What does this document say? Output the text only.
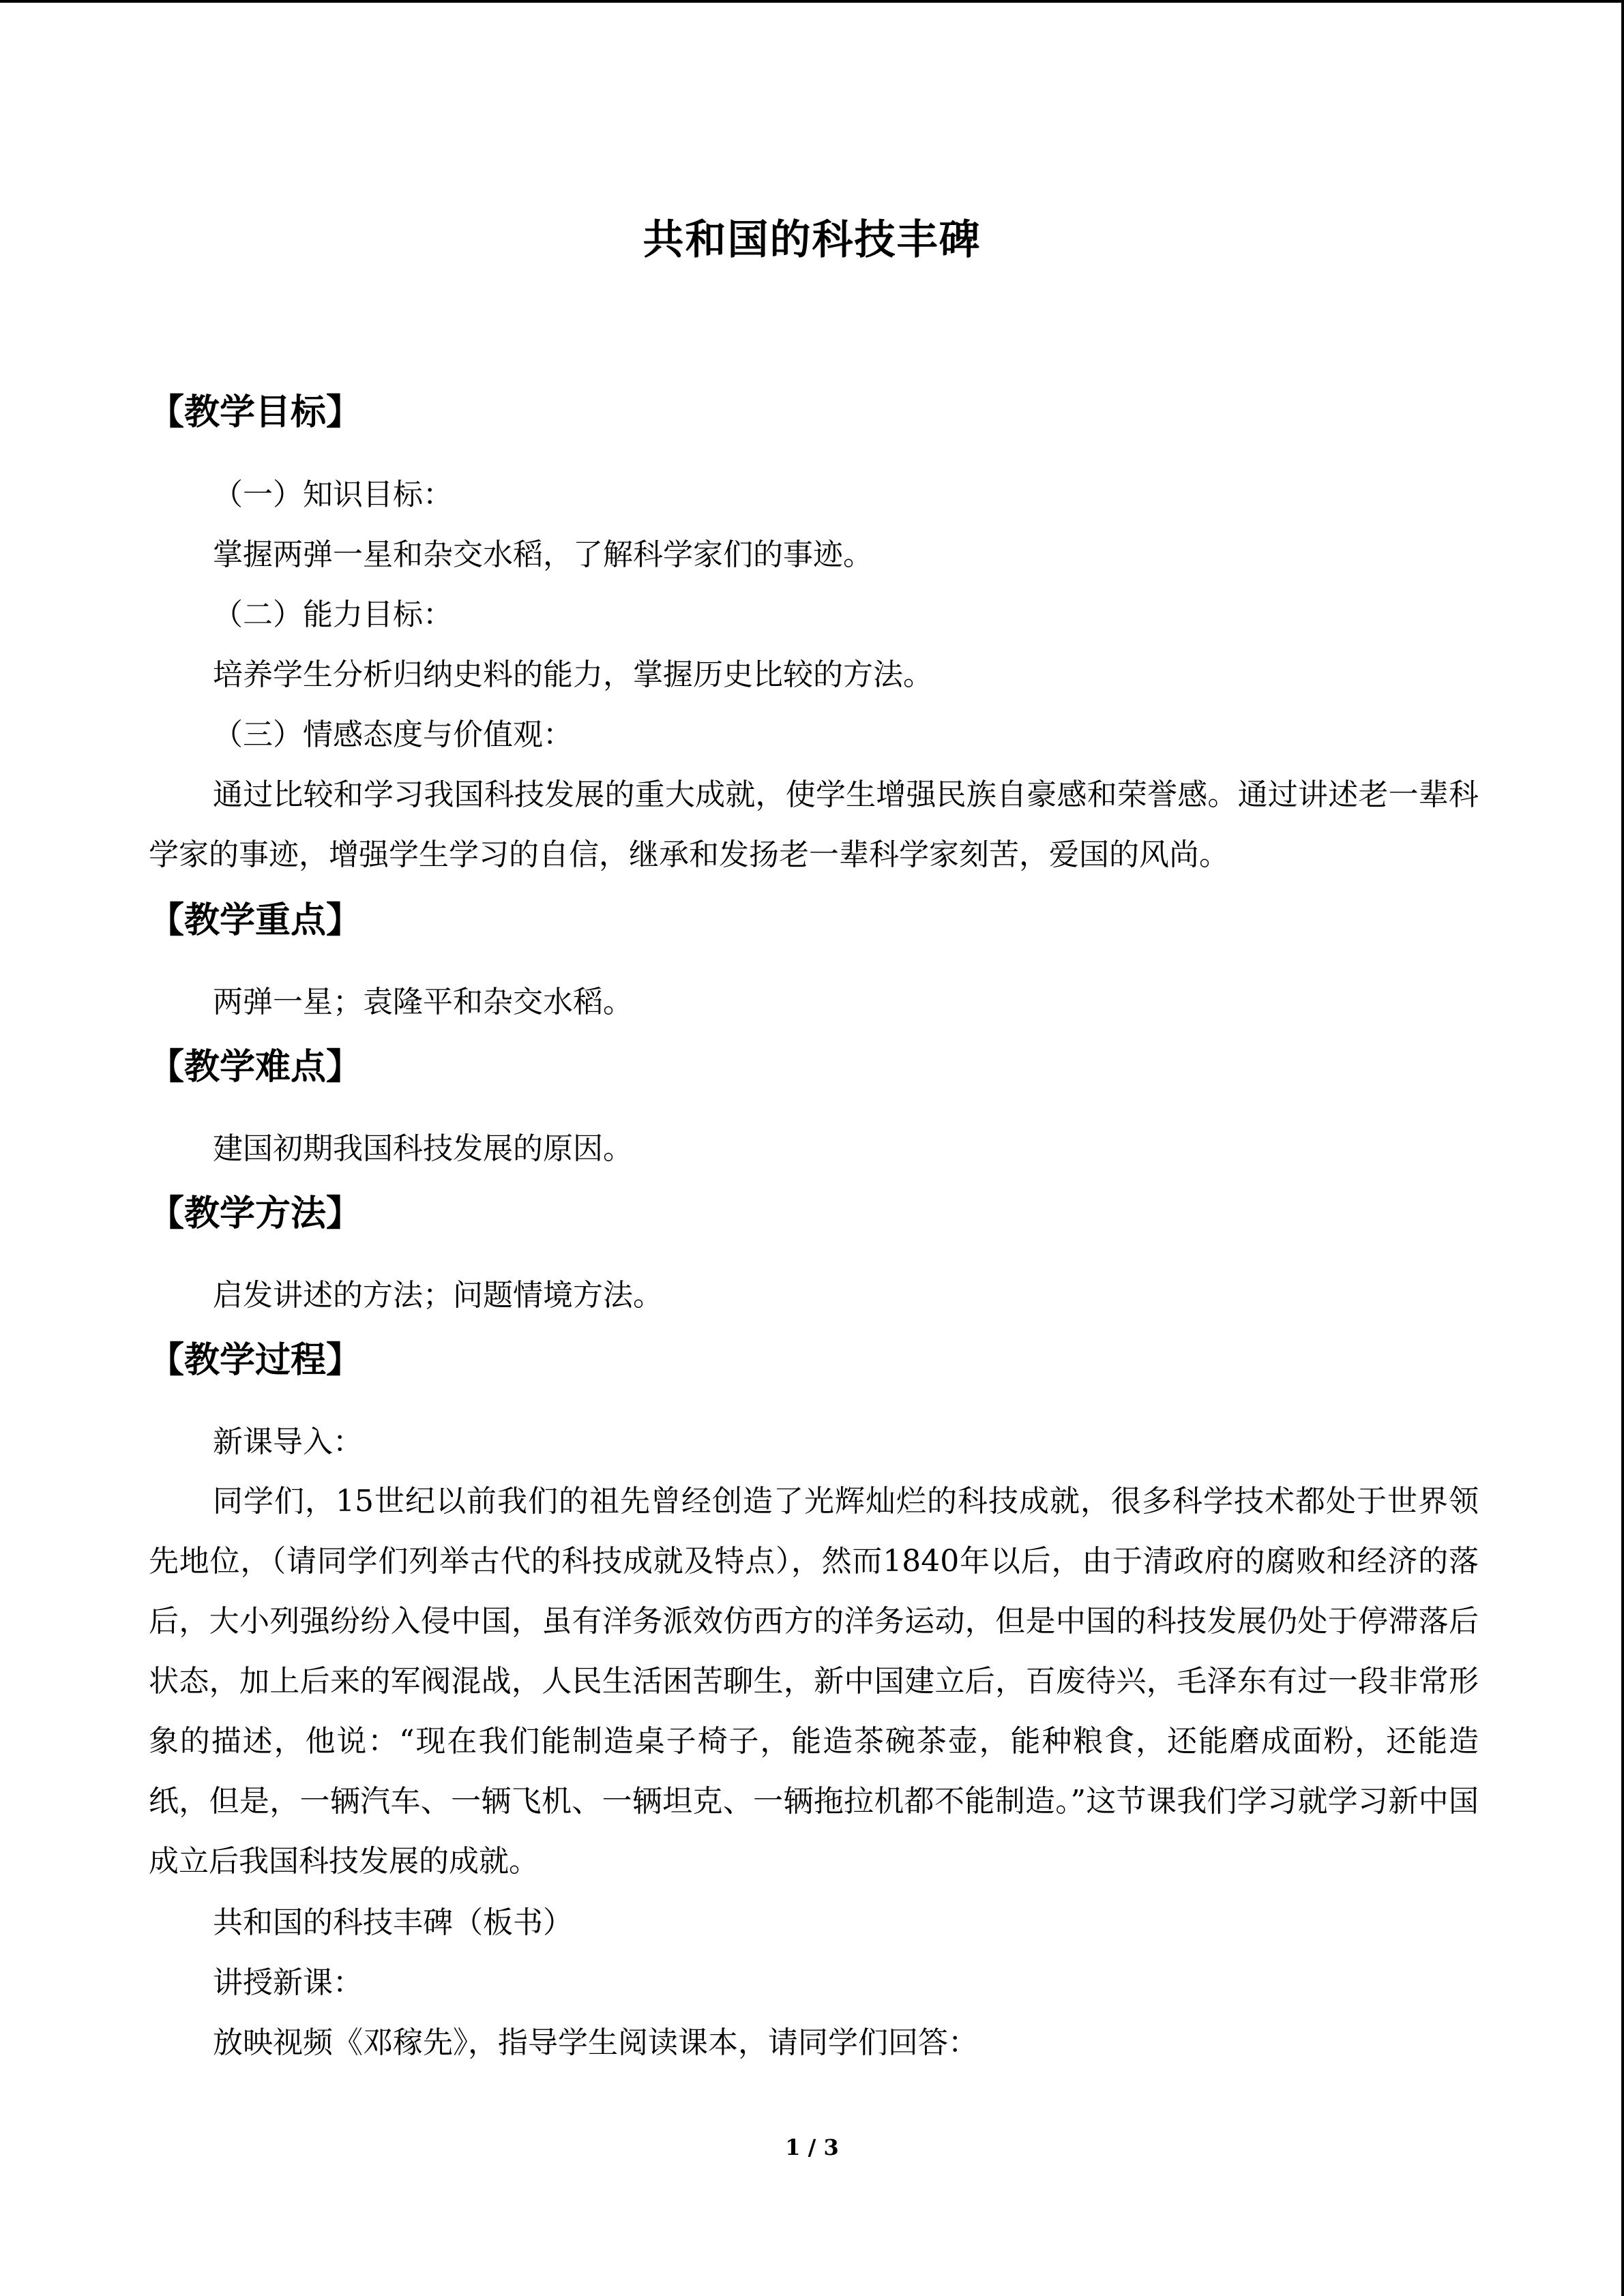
共和国的科技丰碑
【教学目标】
（一）知识目标：
掌握两弹一星和杂交水稻，了解科学家们的事迹。
（二）能力目标：
培养学生分析归纳史料的能力，掌握历史比较的方法。
（三）情感态度与价值观：
通过比较和学习我国科技发展的重大成就，使学生增强民族自豪感和荣誉感。通过讲述老一辈科学家的事迹，增强学生学习的自信，继承和发扬老一辈科学家刻苦，爱国的风尚。
【教学重点】
两弹一星；袁隆平和杂交水稻。
【教学难点】
建国初期我国科技发展的原因。
【教学方法】
启发讲述的方法；问题情境方法。
【教学过程】
新课导入：
同学们，15世纪以前我们的祖先曾经创造了光辉灿烂的科技成就，很多科学技术都处于世界领先地位，（请同学们列举古代的科技成就及特点），然而1840年以后，由于清政府的腐败和经济的落后，大小列强纷纷入侵中国，虽有洋务派效仿西方的洋务运动，但是中国的科技发展仍处于停滞落后状态，加上后来的军阀混战，人民生活困苦聊生，新中国建立后，百废待兴，毛泽东有过一段非常形象的描述，他说：“现在我们能制造桌子椅子，能造茶碗茶壶，能种粮食，还能磨成面粉，还能造纸，但是，一辆汽车、一辆飞机、一辆坦克、一辆拖拉机都不能制造。”这节课我们学习就学习新中国成立后我国科技发展的成就。
共和国的科技丰碑（板书）
讲授新课：
放映视频《邓稼先》，指导学生阅读课本，请同学们回答：
1 / 3
